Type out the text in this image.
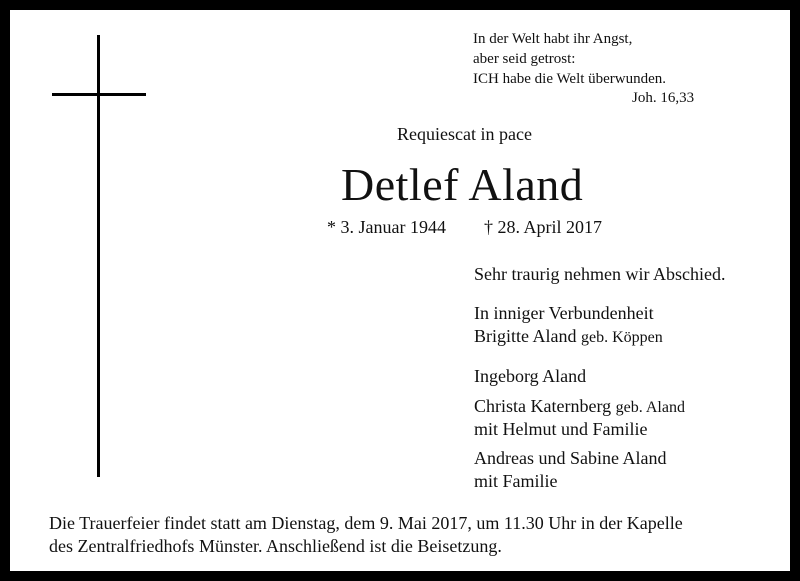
In der Welt habt ihr Angst,
aber seid getrost:
ICH habe die Welt überwunden.
Joh. 16,33
Requiescat in pace
Detlef Aland
* 3. Januar 1944 † 28. April 2017
Sehr traurig nehmen wir Abschied.
In inniger Verbundenheit
Brigitte Aland geb. Köppen
Ingeborg Aland
Christa Katernberg geb. Aland
mit Helmut und Familie
Andreas und Sabine Aland
mit Familie
Die Trauerfeier findet statt am Dienstag, dem 9. Mai 2017, um 11.30 Uhr in der Kapelle
des Zentralfriedhofs Münster. Anschließend ist die Beisetzung.
